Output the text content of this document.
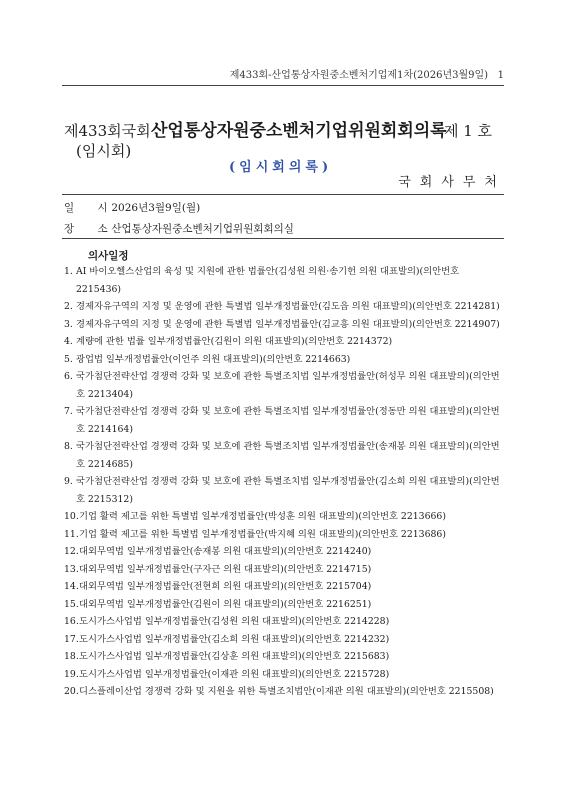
제433회-산업통상자원중소벤처기업제1차(2026년3월9일) 1
제433회국회 산업통상자원중소벤처기업위원회회의록
제 1 호
(임시회)
(임시회의록)
국회사무처
일 시 2026년3월9일(월)
장 소 산업통상자원중소벤처기업위원회회의실
의사일정
1. AI 바이오헬스산업의 육성 및 지원에 관한 법률안(김성원 의원·송기헌 의원 대표발의)(의안번호 2215436)
2. 경제자유구역의 지정 및 운영에 관한 특별법 일부개정법률안(김도읍 의원 대표발의)(의안번호 2214281)
3. 경제자유구역의 지정 및 운영에 관한 특별법 일부개정법률안(김교흥 의원 대표발의)(의안번호 2214907)
4. 계량에 관한 법률 일부개정법률안(김원이 의원 대표발의)(의안번호 2214372)
5. 광업법 일부개정법률안(이언주 의원 대표발의)(의안번호 2214663)
6. 국가첨단전략산업 경쟁력 강화 및 보호에 관한 특별조치법 일부개정법률안(허성무 의원 대표발의)(의안번호 2213404)
7. 국가첨단전략산업 경쟁력 강화 및 보호에 관한 특별조치법 일부개정법률안(정동만 의원 대표발의)(의안번호 2214164)
8. 국가첨단전략산업 경쟁력 강화 및 보호에 관한 특별조치법 일부개정법률안(송재봉 의원 대표발의)(의안번호 2214685)
9. 국가첨단전략산업 경쟁력 강화 및 보호에 관한 특별조치법 일부개정법률안(김소희 의원 대표발의)(의안번호 2215312)
10. 기업 활력 제고를 위한 특별법 일부개정법률안(박성훈 의원 대표발의)(의안번호 2213666)
11. 기업 활력 제고를 위한 특별법 일부개정법률안(박지혜 의원 대표발의)(의안번호 2213686)
12. 대외무역법 일부개정법률안(송재봉 의원 대표발의)(의안번호 2214240)
13. 대외무역법 일부개정법률안(구자근 의원 대표발의)(의안번호 2214715)
14. 대외무역법 일부개정법률안(전현희 의원 대표발의)(의안번호 2215704)
15. 대외무역법 일부개정법률안(김원이 의원 대표발의)(의안번호 2216251)
16. 도시가스사업법 일부개정법률안(김성원 의원 대표발의)(의안번호 2214228)
17. 도시가스사업법 일부개정법률안(김소희 의원 대표발의)(의안번호 2214232)
18. 도시가스사업법 일부개정법률안(김상훈 의원 대표발의)(의안번호 2215683)
19. 도시가스사업법 일부개정법률안(이재관 의원 대표발의)(의안번호 2215728)
20. 디스플레이산업 경쟁력 강화 및 지원을 위한 특별조치법안(이재관 의원 대표발의)(의안번호 2215508)
